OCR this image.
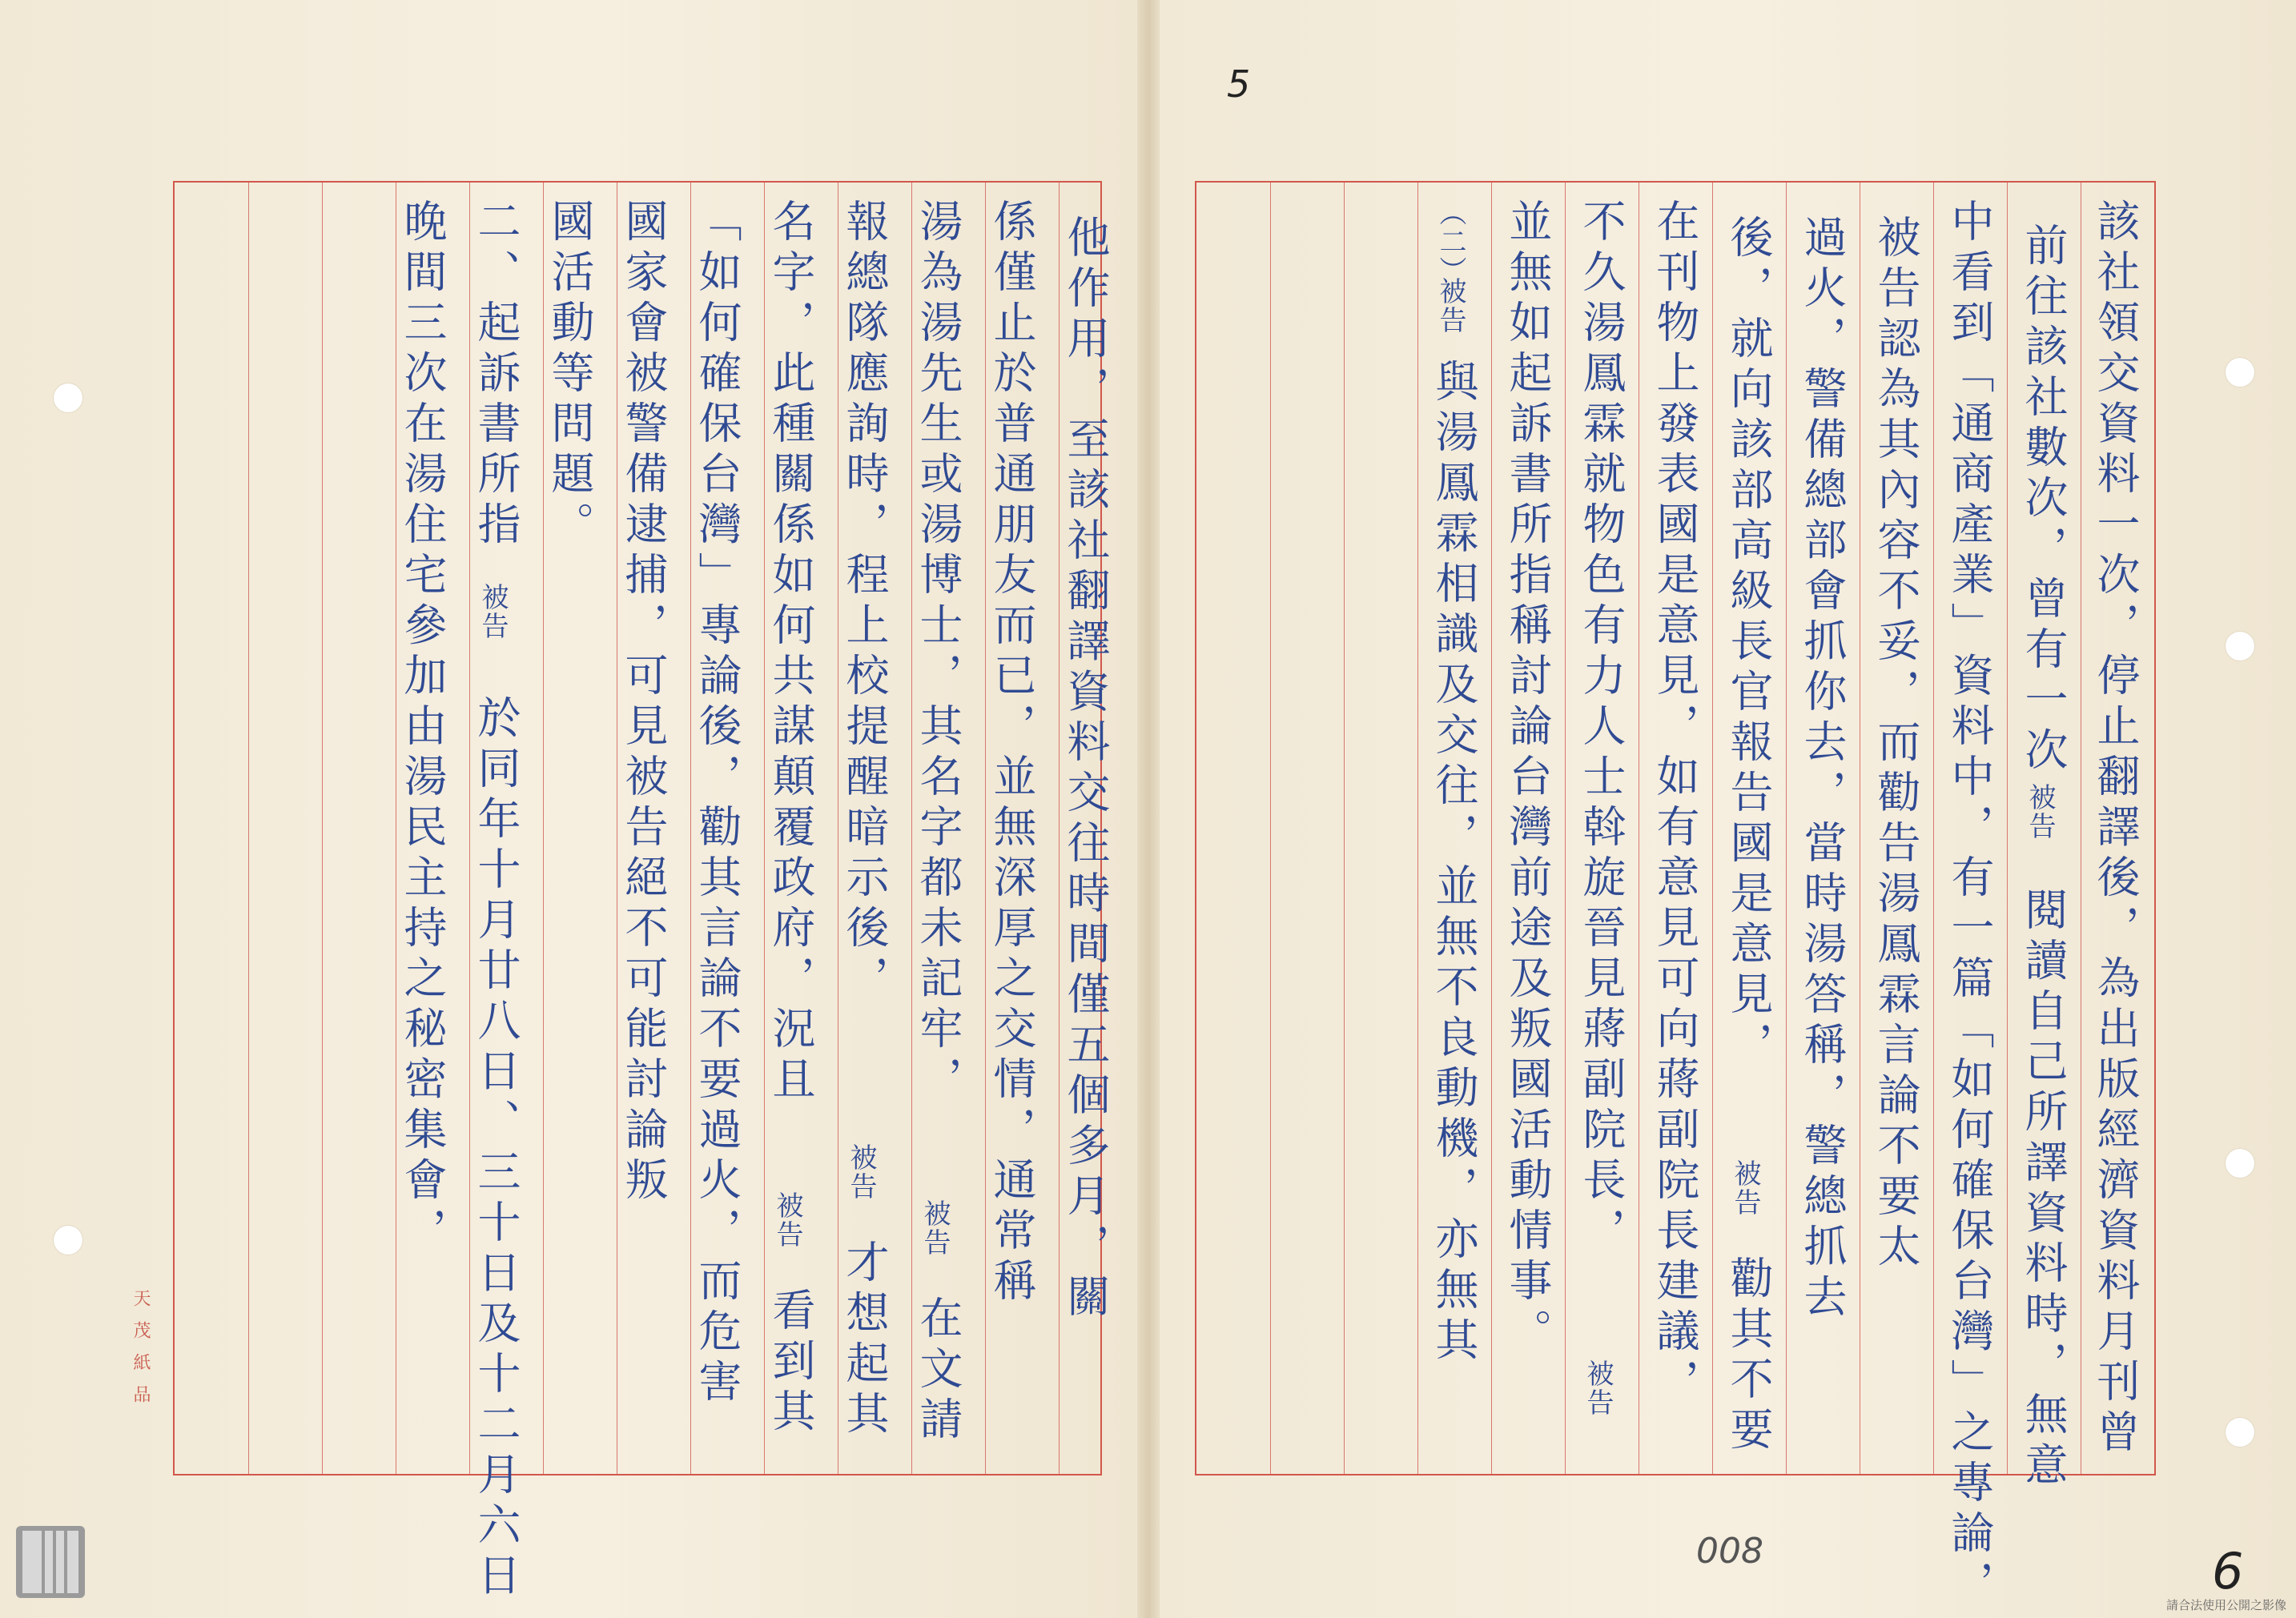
5
6
008
該社領交資料一次，停止翻譯後，為出版經濟資料月刊曾
前往該社數次，曾有一次
被告
閱讀自己所譯資料時，無意
中看到「通商產業」資料中，有一篇「如何確保台灣」之專論，
被告認為其內容不妥，而勸告湯鳳霖言論不要太
過火，警備總部會抓你去，當時湯答稱，警總抓去
後，就向該部高級長官報告國是意見，
被告
勸其不要
在刊物上發表國是意見，如有意見可向蔣副院長建議，
不久湯鳳霖就物色有力人士斡旋晉見蔣副院長，
被告
並無如起訴書所指稱討論台灣前途及叛國活動情事。
（二）
被告
與湯鳳霖相識及交往，並無不良動機，亦無其
他作用，至該社翻譯資料交往時間僅五個多月，關
係僅止於普通朋友而已，並無深厚之交情，通常稱
湯為湯先生或湯博士，其名字都未記牢，
被告
在文請
報總隊應詢時，程上校提醒暗示後，
被告
才想起其
名字，此種關係如何共謀顛覆政府，況且
被告
看到其
「如何確保台灣」專論後，勸其言論不要過火，而危害
國家會被警備逮捕，可見被告絕不可能討論叛
國活動等問題。
二、起訴書所指
被告
於同年十月廿八日、三十日及十二月六日
晚間三次在湯住宅參加由湯民主持之秘密集會，
天茂紙品
請合法使用公開之影像
